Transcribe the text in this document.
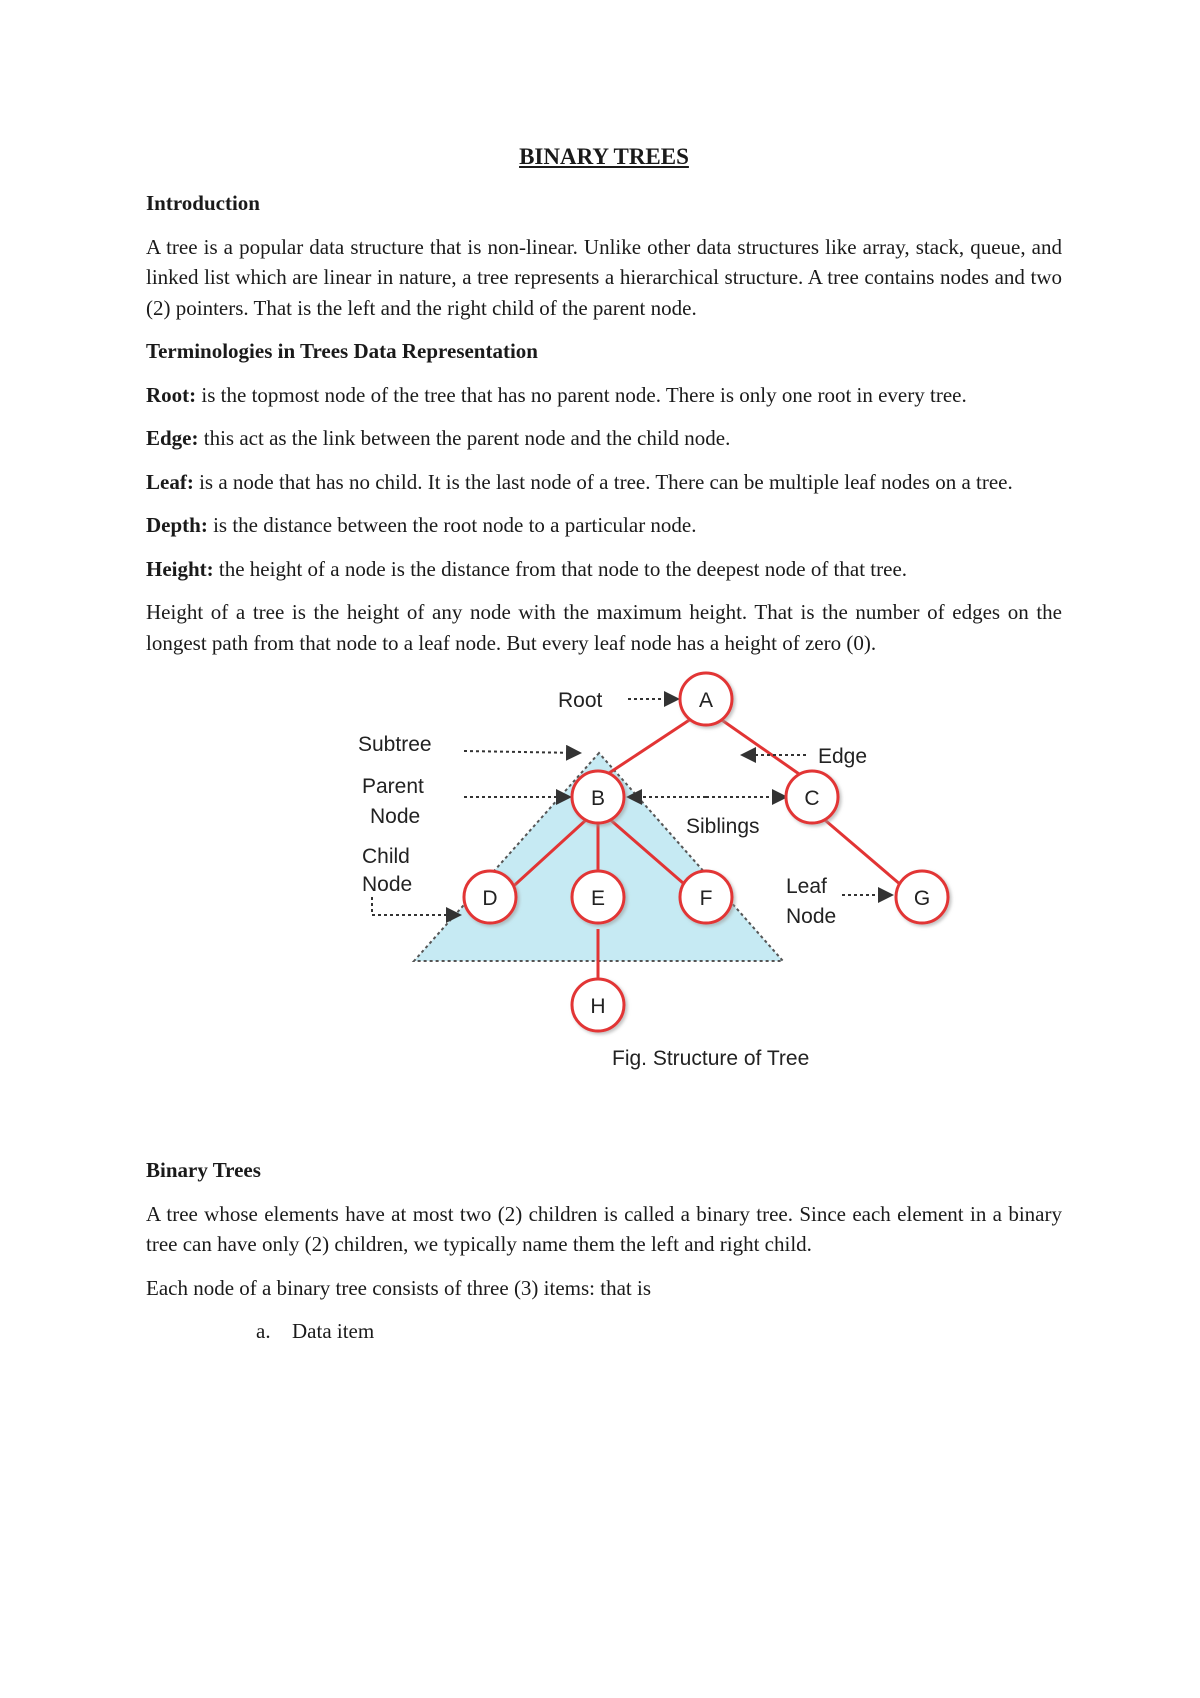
BINARY TREES
Introduction

A tree is a popular data structure that is non-linear. Unlike other data structures like array, stack, queue, and linked list which are linear in nature, a tree represents a hierarchical structure. A tree contains nodes and two (2) pointers. That is the left and the right child of the parent node.

Terminologies in Trees Data Representation

Root: is the topmost node of the tree that has no parent node. There is only one root in every tree.

Edge: this act as the link between the parent node and the child node.

Leaf: is a node that has no child. It is the last node of a tree. There can be multiple leaf nodes on a tree.

Depth: is the distance between the root node to a particular node.

Height: the height of a node is the distance from that node to the deepest node of that tree.

Height of a tree is the height of any node with the maximum height. That is the number of edges on the longest path from that node to a leaf node. But every leaf node has a height of zero (0).

A
B	C
D	E	F	G
H
Root
Subtree
Parent
Node
Child
Node
Edge
Siblings
Leaf
Node
Fig. Structure of Tree
Binary Trees

A tree whose elements have at most two (2) children is called a binary tree. Since each element in a binary tree can have only (2) children, we typically name them the left and right child.

Each node of a binary tree consists of three (3) items: that is

a. Data item
